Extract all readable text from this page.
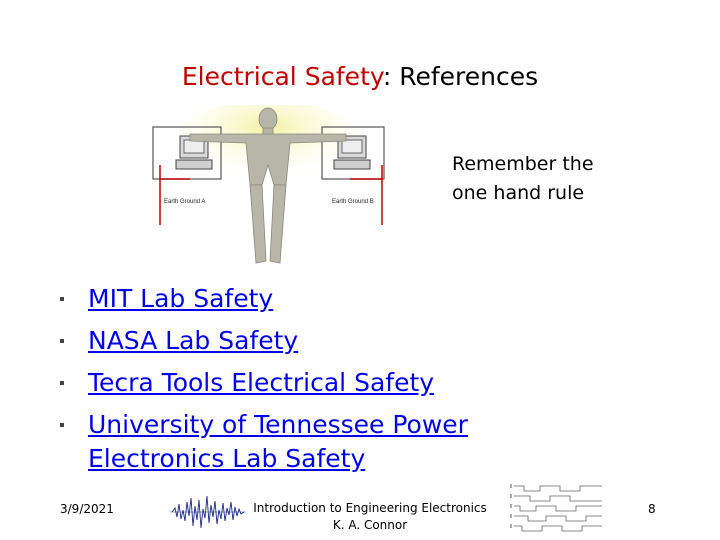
Electrical Safety: References
Earth Ground A	Earth Ground B
Remember the
one hand rule
MIT Lab Safety
NASA Lab Safety
Tecra Tools Electrical Safety
University of Tennessee Power Electronics Lab Safety
3/9/2021	Introduction to Engineering Electronics
K. A. Connor
8
